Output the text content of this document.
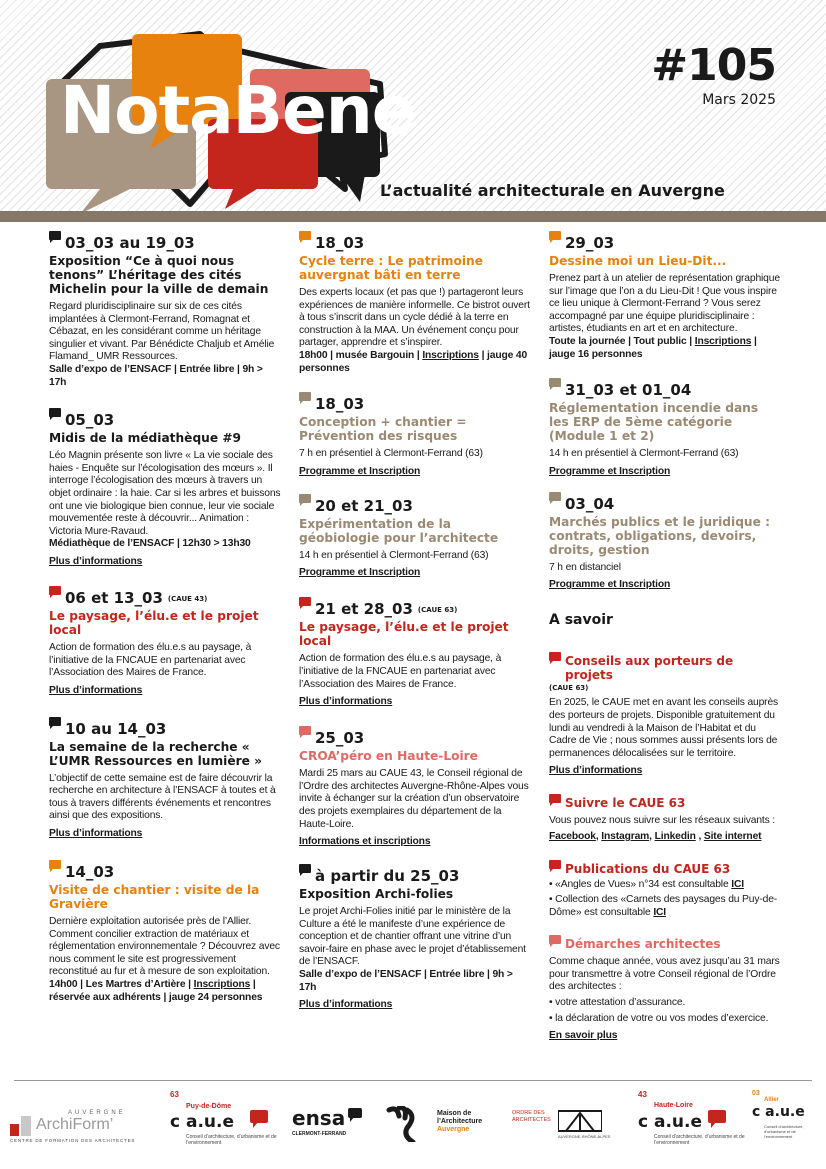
NotaBene
#105
Mars 2025
L’actualité architecturale en Auvergne
03_03 au 19_03
Exposition “Ce à quoi nous tenons” L’héritage des cités Michelin pour la ville de demain
Regard pluridisciplinaire sur six de ces cités implantées à Clermont-Ferrand, Romagnat et Cébazat, en les considérant comme un héritage singulier et vivant. Par Bénédicte Chaljub et Amélie Flamand_ UMR Ressources.
Salle d’expo de l’ENSACF | Entrée libre | 9h > 17h
05_03
Midis de la médiathèque #9
Léo Magnin présente son livre « La vie sociale des haies - Enquête sur l’écologisation des mœurs ». Il interroge l’écologisation des mœurs à travers un objet ordinaire : la haie. Car si les arbres et buissons ont une vie biologique bien connue, leur vie sociale mouvementée reste à découvrir... Animation : Victoria Mure-Ravaud.
Médiathèque de l’ENSACF | 12h30 > 13h30
Plus d’informations
06 et 13_03 (CAUE 43)
Le paysage, l’élu.e et le projet local
Action de formation des élu.e.s au paysage, à l’initiative de la FNCAUE en partenariat avec l’Association des Maires de France.
Plus d’informations
10 au 14_03
La semaine de la recherche « L’UMR Ressources en lumière »
L’objectif de cette semaine est de faire découvrir la recherche en architecture à l’ENSACF à toutes et à tous à travers différents événements et rencontres ainsi que des expositions.
Plus d’informations
14_03
Visite de chantier : visite de la Gravière
Dernière exploitation autorisée près de l’Allier. Comment concilier extraction de matériaux et réglementation environnementale ? Découvrez avec nous comment le site est progressivement reconstitué au fur et à mesure de son exploitation.
14h00 | Les Martres d’Artière | Inscriptions | réservée aux adhérents | jauge 24 personnes
18_03
Cycle terre : Le patrimoine auvergnat bâti en terre
Des experts locaux (et pas que !) partageront leurs expériences de manière informelle. Ce bistrot ouvert à tous s’inscrit dans un cycle dédié à la terre en construction à la MAA. Un événement conçu pour partager, apprendre et s’inspirer.
18h00 | musée Bargouin | Inscriptions | jauge 40 personnes
18_03
Conception + chantier = Prévention des risques
7 h en présentiel à Clermont-Ferrand (63)
Programme et Inscription
20 et 21_03
Expérimentation de la géobiologie pour l’architecte
14 h en présentiel à Clermont-Ferrand (63)
Programme et Inscription
21 et 28_03 (CAUE 63)
Le paysage, l’élu.e et le projet local
Action de formation des élu.e.s au paysage, à l’initiative de la FNCAUE en partenariat avec l’Association des Maires de France.
Plus d’informations
25_03
CROA’péro en Haute-Loire
Mardi 25 mars au CAUE 43, le Conseil régional de l’Ordre des architectes Auvergne-Rhône-Alpes vous invite à échanger sur la création d’un observatoire des projets exemplaires du département de la Haute-Loire.
Informations et inscriptions
à partir du 25_03
Exposition Archi-folies
Le projet Archi-Folies initié par le ministère de la Culture a été le manifeste d’une expérience de conception et de chantier offrant une vitrine d’un savoir-faire en phase avec le projet d’établissement de l’ENSACF.
Salle d’expo de l’ENSACF | Entrée libre | 9h > 17h
Plus d’informations
29_03
Dessine moi un Lieu-Dit...
Prenez part à un atelier de représentation graphique sur l’image que l’on a du Lieu-Dit ! Que vous inspire ce lieu unique à Clermont-Ferrand ? Vous serez accompagné par une équipe pluridisciplinaire : artistes, étudiants en art et en architecture.
Toute la journée | Tout public | Inscriptions | jauge 16 personnes
31_03 et 01_04
Réglementation incendie dans les ERP de 5ème catégorie (Module 1 et 2)
14 h en présentiel à Clermont-Ferrand (63)
Programme et Inscription
03_04
Marchés publics et le juridique : contrats, obligations, devoirs, droits, gestion
7 h en distanciel
Programme et Inscription
A savoir
Conseils aux porteurs de projets
(CAUE 63)
En 2025, le CAUE met en avant les conseils auprès des porteurs de projets. Disponible gratuitement du lundi au vendredi à la Maison de l’Habitat et du Cadre de Vie ; nous sommes aussi présents lors de permanences délocalisées sur le territoire.
Plus d’informations
Suivre le CAUE 63
Vous pouvez nous suivre sur les réseaux suivants :
Facebook, Instagram, Linkedin , Site internet
Publications du CAUE 63
• «Angles de Vues» n°34 est consultable ICI
• Collection des «Carnets des paysages du Puy-de-Dôme» est consultable ICI
Démarches architectes
Comme chaque année, vous avez jusqu’au 31 mars pour transmettre à votre Conseil régional de l’Ordre des architectes :
• votre attestation d’assurance.
• la déclaration de votre ou vos modes d’exercice.
En savoir plus
AUVERGNE
ArchiForm’
CENTRE DE FORMATION DES ARCHITECTES
63
Puy-de-Dôme
c a.u.e
Conseil d’architecture, d’urbanisme et de l’environnement
ensa
CLERMONT-FERRAND
Maison de
l’Architecture
Auvergne
ORDRE DES ARCHITECTES
AUVERGNE-RHÔNE-ALPES
43
Haute-Loire
c a.u.e
Conseil d’architecture, d’urbanisme et de l’environnement
03
Allier
c a.u.e
Conseil d’architecture, d’urbanisme et de l’environnement
